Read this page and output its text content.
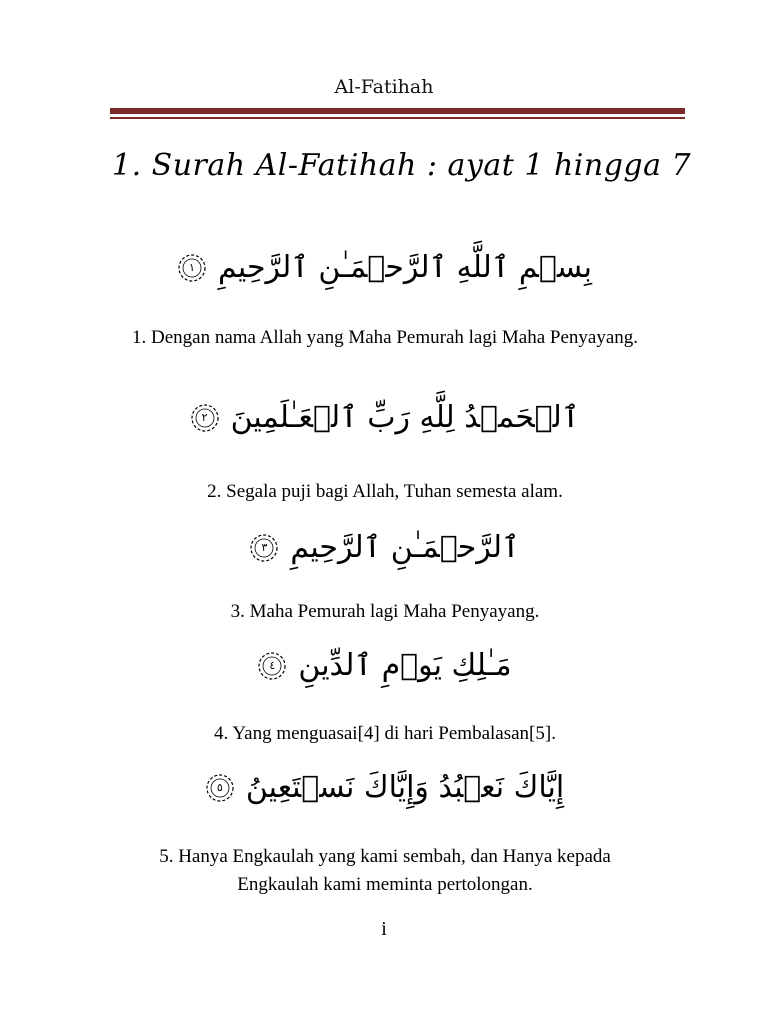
Al-Fatihah
1. Surah Al-Fatihah : ayat 1 hingga 7
بِسۡمِ ٱللَّهِ ٱلرَّحۡمَـٰنِ ٱلرَّحِيمِ
١
1. Dengan nama Allah yang Maha Pemurah lagi Maha Penyayang.
ٱلۡحَمۡدُ لِلَّهِ رَبِّ ٱلۡعَـٰلَمِينَ
٢
2. Segala puji bagi Allah, Tuhan semesta alam.
ٱلرَّحۡمَـٰنِ ٱلرَّحِيمِ
٣
3. Maha Pemurah lagi Maha Penyayang.
مَـٰلِكِ يَوۡمِ ٱلدِّينِ
٤
4. Yang menguasai[4] di hari Pembalasan[5].
إِيَّاكَ نَعۡبُدُ وَإِيَّاكَ نَسۡتَعِينُ
٥
5. Hanya Engkaulah yang kami sembah, dan Hanya kepada Engkaulah kami meminta pertolongan.
i
